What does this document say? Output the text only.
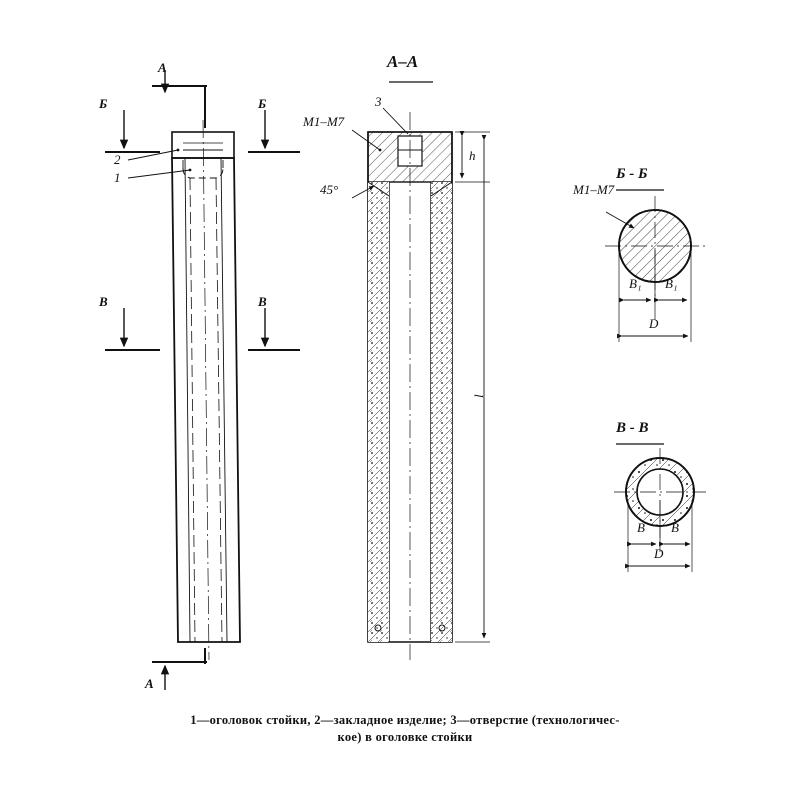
А
А
Б	Б
В	В
2
1
А–А
3
М1–М7
45°
h
l
Б - Б
М1–М7
B₁ B₁
D
В - В
B B
D
1—оголовок стойки, 2—закладное изделие; 3—отверстие (технологичес-
кое) в оголовке стойки
